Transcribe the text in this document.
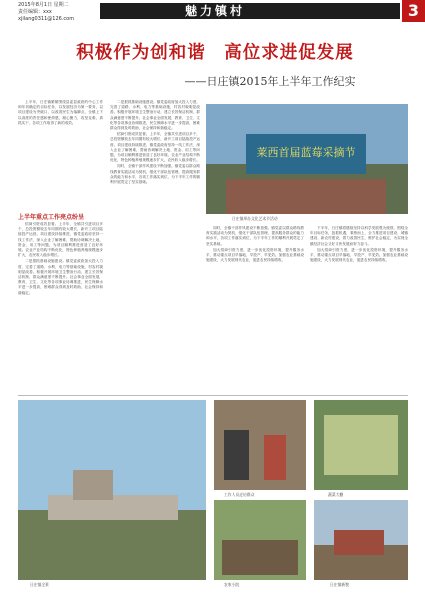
2015年8月1日 星期二
责任编辑：xxx
xjilang0311@126.com
魅力镇村	3
积极作为创和谐　高位求进促发展
——日庄镇2015年上半年工作纪实

上半年，日庄镇紧紧围绕县委县政府的中心工作和年初确定的目标任务，以发展经济为第一要务，以项目建设为突破口，以改善民生为落脚点，全镇上下以高度的责任感和使命感，凝心聚力，攻坚克难，真抓实干，各项工作取得了新的成效。

上半年重点工作亮点纷呈

招商引资成效显著。上半年，全镇共引进项目多个，总投资额较去年同期有较大增长，新开工项目陆续投产运营。项目建设持续推进，镇党委政府坚持一线工作法，深入企业了解困难，帮助协调解决土地、资金、用工等问题，为项目顺利推进营造了良好环境。农业产业结构不断优化，特色种植养殖规模逐步扩大，农民收入稳步增长。

二是狠抓基础设施建设。镇党委政府加大投入力度，完善了道路、水利、电力等基础设施，村容村貌明显改善。积极开展环境卫生整治行动，建立长效保洁机制，群众满意度不断提升。社会事业全面发展，教育、卫生、文化等各项事业协调推进，民生保障水平进一步提高，困难群众得到及时救助，社会保持和谐稳定。

二是狠抓基础设施建设。镇党委政府加大投入力度，完善了道路、水利、电力等基础设施，村容村貌明显改善。积极开展环境卫生整治行动，建立长效保洁机制，群众满意度不断提升。社会事业全面发展，教育、卫生、文化等各项事业协调推进，民生保障水平进一步提高，困难群众得到及时救助，社会保持和谐稳定。

招商引资成效显著。上半年，全镇共引进项目多个，总投资额较去年同期有较大增长，新开工项目陆续投产运营。项目建设持续推进，镇党委政府坚持一线工作法，深入企业了解困难，帮助协调解决土地、资金、用工等问题，为项目顺利推进营造了良好环境。农业产业结构不断优化，特色种植养殖规模逐步扩大，农民收入稳步增长。

同时，全镇干部作风建设不断加强。镇党委以群众路线教育实践活动为契机，强化干部队伍管理，提高服务群众的能力和水平，各项工作落实到位，为下半年工作的顺利开展奠定了坚实基础。

莱西首届蓝莓采摘节
日庄镇举办文化艺术节活动

同时，全镇干部作风建设不断加强。镇党委以群众路线教育实践活动为契机，强化干部队伍管理，提高服务群众的能力和水平，各项工作落实到位，为下半年工作的顺利开展奠定了坚实基础。

加大招商引资力度，进一步优化投资环境，提升服务水平，推动重点项目早落地、早投产、早见效。加强农业基础设施建设，大力发展现代农业，促进农民持续增收。

下半年，日庄镇将继续坚持以科学发展观为统领，围绕全年目标任务，抢抓机遇，乘势而上，全力推进项目建设、城镇建设、新农村建设，着力改善民生，维护社会稳定，为实现全镇经济社会又好又快发展而努力奋斗。

加大招商引资力度，进一步优化投资环境，提升服务水平，推动重点项目早落地、早投产、早见效。加强农业基础设施建设，大力发展现代农业，促进农民持续增收。

日庄镇全景
工作人员走访群众	蔬菜大棚
农家小院	日庄镇新貌
